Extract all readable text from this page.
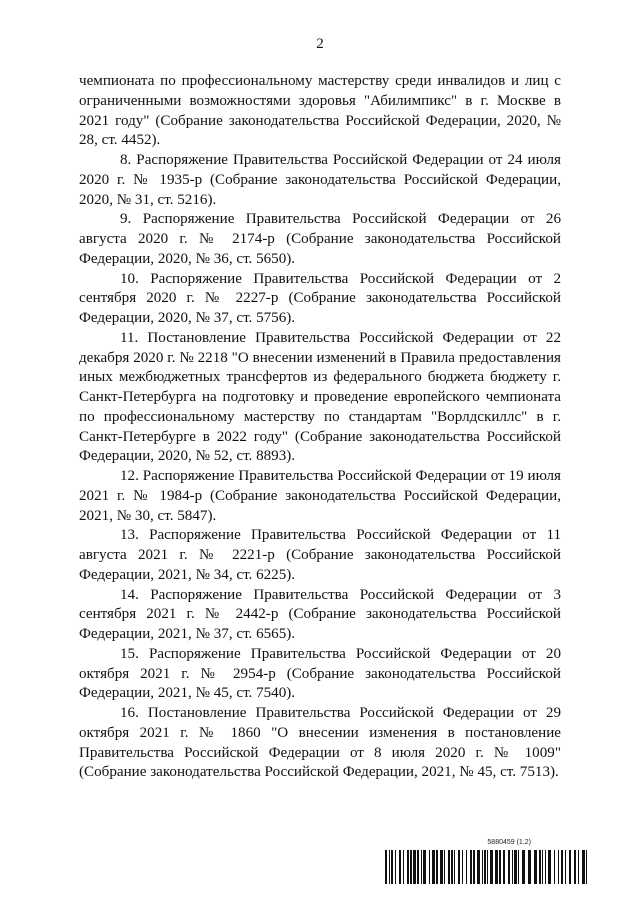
2

чемпионата по профессиональному мастерству среди инвалидов и лиц с ограниченными возможностями здоровья "Абилимпикс" в г. Москве в 2021 году" (Собрание законодательства Российской Федерации, 2020, № 28, ст. 4452).

8. Распоряжение Правительства Российской Федерации от 24 июля 2020 г. № 1935-р (Собрание законодательства Российской Федерации, 2020, № 31, ст. 5216).

9. Распоряжение Правительства Российской Федерации от 26 августа 2020 г. № 2174-р (Собрание законодательства Российской Федерации, 2020, № 36, ст. 5650).

10. Распоряжение Правительства Российской Федерации от 2 сентября 2020 г. № 2227-р (Собрание законодательства Российской Федерации, 2020, № 37, ст. 5756).

11. Постановление Правительства Российской Федерации от 22 декабря 2020 г. № 2218 "О внесении изменений в Правила предоставления иных межбюджетных трансфертов из федерального бюджета бюджету г. Санкт-Петербурга на подготовку и проведение европейского чемпионата по профессиональному мастерству по стандартам "Ворлдскиллс" в г. Санкт-Петербурге в 2022 году" (Собрание законодательства Российской Федерации, 2020, № 52, ст. 8893).

12. Распоряжение Правительства Российской Федерации от 19 июля 2021 г. № 1984-р (Собрание законодательства Российской Федерации, 2021, № 30, ст. 5847).

13. Распоряжение Правительства Российской Федерации от 11 августа 2021 г. № 2221-р (Собрание законодательства Российской Федерации, 2021, № 34, ст. 6225).

14. Распоряжение Правительства Российской Федерации от 3 сентября 2021 г. № 2442-р (Собрание законодательства Российской Федерации, 2021, № 37, ст. 6565).

15. Распоряжение Правительства Российской Федерации от 20 октября 2021 г. № 2954-р (Собрание законодательства Российской Федерации, 2021, № 45, ст. 7540).

16. Постановление Правительства Российской Федерации от 29 октября 2021 г. № 1860 "О внесении изменения в постановление Правительства Российской Федерации от 8 июля 2020 г. № 1009" (Собрание законодательства Российской Федерации, 2021, № 45, ст. 7513).

5880459 (1.2)
